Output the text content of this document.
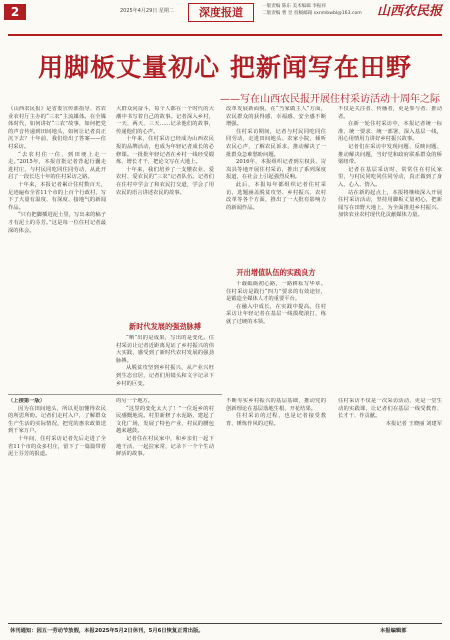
2	2025年4月29日 星期二	深度报道	一版责编 陈东 美术编辑 李振祥
二版责编 曹 昱 投稿邮箱 sxnmbwbl@163.com	山西农民报
用脚板丈量初心 把新闻写在田野
——写在山西农民报开展住村采访活动十周年之际

《山西农民报》是省委宣传部指导、省农业农村厅主办的“三农”主流媒体。在全媒体时代，如何讲好“三农”故事，如何把党的声音传递到田间地头，如何让记者真正沉下去？十年前，我们给出了答案——住村采访。

“去农村住一住，到田埂上走一走。”2015年，本报首批记者背起行囊走进村庄，与村民同吃同住同劳动，从此开启了一段长达十年的住村采访之路。

十年来，本报记者累计住村数百天，足迹遍布全省11个市的上百个行政村，写下了大量有温度、有深度、接地气的新闻作品。

“只有把脚插进泥土里，写出来的稿子才有泥土的芬芳。”这是每一位住村记者最深的体会。

大群众同奋斗，每个人都在一个时代的大潮中书写着自己的故事。记者深入乡村，一天、两天、三天……记录他们的故事，传递他们的心声。

十年来，住村采访已经成为山西农民报的品牌活动，也成为年轻记者成长的必修课。一批批年轻记者在乡村一线经受锻炼、增长才干，把论文写在大地上。

十年来，我们培养了一支懂农业、爱农村、爱农民的“三农”记者队伍。记者们在住村中学会了和农民打交道，学会了用农民的语言讲述农民的故事。

新时代发展的强劲脉搏

“晒”出的是成果，写出的是变化。住村采访让记者近距离见证了乡村振兴的伟大实践，感受到了新时代农村发展的强劲脉搏。

从脱贫攻坚到乡村振兴，从产业兴旺到生态宜居，记者们用镜头和文字记录下乡村的巨变。

改革发展新面貌，在“当家做主人”方面，农民群众的获得感、幸福感、安全感不断增强。

住村采访期间，记者与村民同吃同住同劳动，走进田间地头、农家小院，倾听农民心声，了解农民诉求，推动解决了一批群众急难愁盼问题。

2016年，本报组织记者到左权县、岢岚县等地开展住村采访，推出了系列深度报道，在社会上引起强烈反响。

此后，本报每年都组织记者住村采访，选题涵盖脱贫攻坚、乡村振兴、农村改革等各个方面，推出了一大批有影响力的新闻作品。

开出增值队伍的实践良方

十载砥砺初心路，一路耕耘写华章。住村采访是践行“四力”要求的有效途径，是锻造全媒体人才的重要平台。

在融入中成长，在实践中提高。住村采访让年轻记者在基层一线摸爬滚打，练就了过硬的本领。

不仅是关注者、传播者，更是参与者、推动者。

在新一轮住村采访中，本报记者统一标准、统一要求、统一部署，深入基层一线，用心用情用力讲好乡村振兴故事。

记者们在采访中发现问题、反映问题、推动解决问题，当好党和政府联系群众的桥梁纽带。

记者在基层采访时，常常住在村民家里，与村民同吃同住同劳动，真正做到了身入、心入、情入。

站在新的起点上，本报将继续深入开展住村采访活动，坚持用脚板丈量初心，把新闻写在田野大地上，为全面推进乡村振兴、加快农业农村现代化贡献媒体力量。

（上接第一版）

因为在田间地头，所以更加懂得农民的所思所盼。记者们走村入户，了解群众生产生活的实际情况，把党的惠农政策送到千家万户。

十年间，住村采访记者先后走进了全省11个市的众多村庄，留下了一篇篇带着泥土芬芳的报道。

的另一个地方。

“这里的变化太大了！”一位返乡的村民感慨地说。村里新修了水泥路，建起了文化广场，发展了特色产业，村民的腰包越来越鼓。

记者住在村民家中，和乡亲们一起下地干活、一起拉家常，记录下一个个生动鲜活的故事。

不断夯实乡村振兴的基层基础，推动党的创新理论在基层落地生根、开花结果。

住村采访的过程，也是记者接受教育、锤炼作风的过程。

住村采访不仅是一次采访活动，更是一堂生动的实践课，让记者们在基层一线受教育、长才干、作贡献。

本报记者 王晓丽 刘建军

休刊通知：因五一劳动节放假，本报2025年5月2日休刊，5月6日恢复正常出版。	本报编辑部
